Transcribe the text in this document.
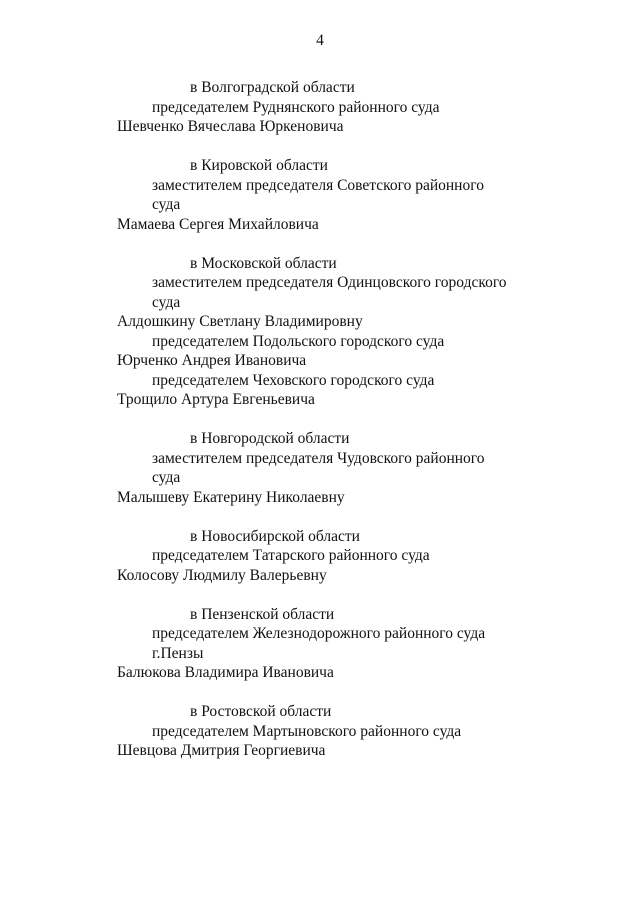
4
в Волгоградской области
председателем Руднянского районного суда
Шевченко Вячеслава Юркеновича
в Кировской области
заместителем председателя Советского районного
суда
Мамаева Сергея Михайловича
в Московской области
заместителем председателя Одинцовского городского
суда
Алдошкину Светлану Владимировну
председателем Подольского городского суда
Юрченко Андрея Ивановича
председателем Чеховского городского суда
Трощило Артура Евгеньевича
в Новгородской области
заместителем председателя Чудовского районного
суда
Малышеву Екатерину Николаевну
в Новосибирской области
председателем Татарского районного суда
Колосову Людмилу Валерьевну
в Пензенской области
председателем Железнодорожного районного суда
г.Пензы
Балюкова Владимира Ивановича
в Ростовской области
председателем Мартыновского районного суда
Шевцова Дмитрия Георгиевича
